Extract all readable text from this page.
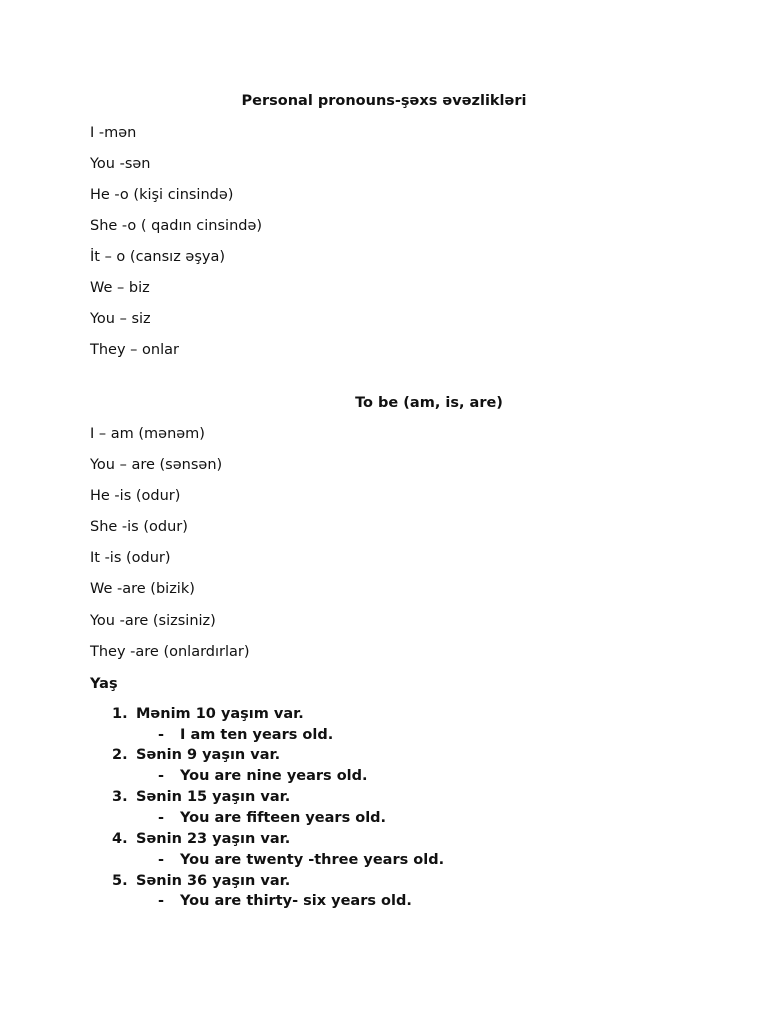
Personal pronouns-şəxs əvəzlikləri
I -mən
You -sən
He -o (kişi cinsində)
She -o ( qadın cinsində)
İt – o (cansız əşya)
We – biz
You – siz
They – onlar
To be (am, is, are)
I – am (mənəm)
You – are (sənsən)
He -is (odur)
She -is (odur)
It -is (odur)
We -are (bizik)
You -are (sizsiniz)
They -are (onlardırlar)
Yaş
1. Mənim 10 yaşım var.
- I am ten years old.
2. Sənin 9 yaşın var.
- You are nine years old.
3. Sənin 15 yaşın var.
- You are fifteen years old.
4. Sənin 23 yaşın var.
- You are twenty -three years old.
5. Sənin 36 yaşın var.
- You are thirty- six years old.
